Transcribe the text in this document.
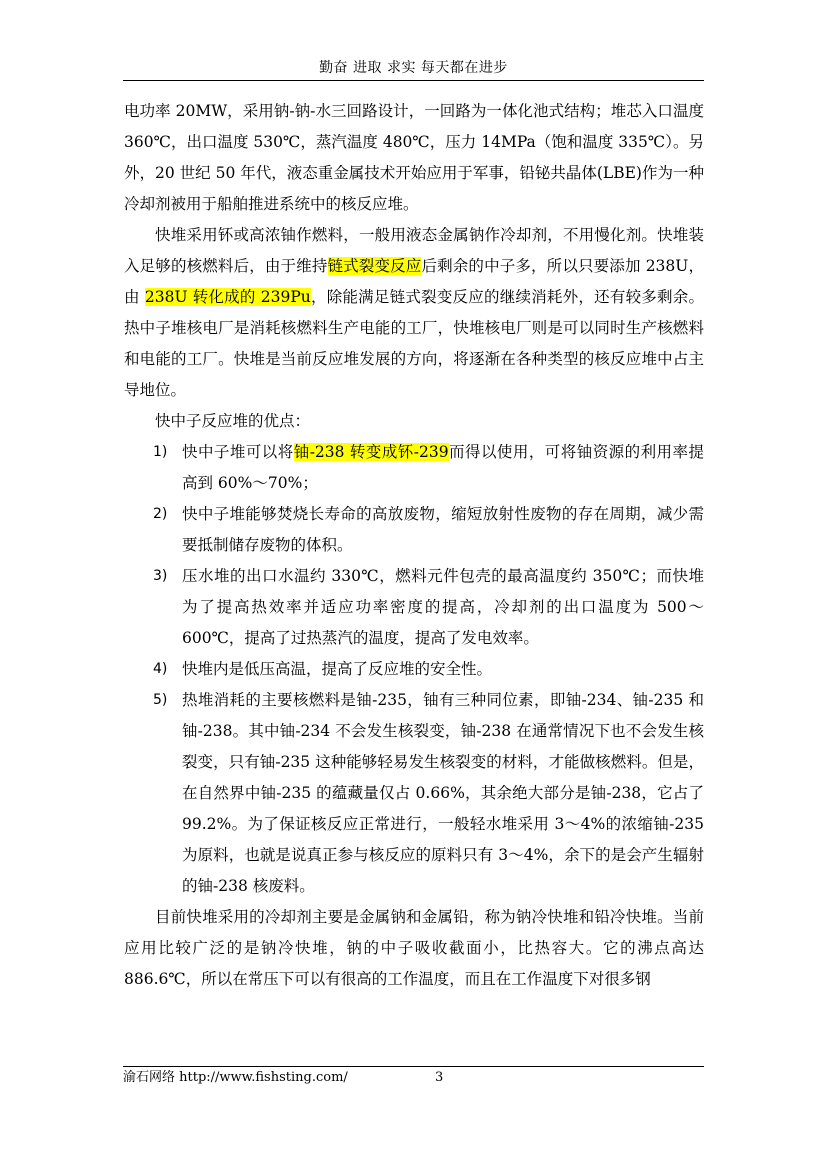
勤奋 进取 求实 每天都在进步

电功率 20MW，采用钠-钠-水三回路设计，一回路为一体化池式结构；堆芯入口温度 360℃，出口温度 530℃，蒸汽温度 480℃，压力 14MPa（饱和温度 335℃）。另外，20 世纪 50 年代，液态重金属技术开始应用于军事，铅铋共晶体(LBE)作为一种冷却剂被用于船舶推进系统中的核反应堆。

快堆采用钚或高浓铀作燃料，一般用液态金属钠作冷却剂，不用慢化剂。快堆装入足够的核燃料后，由于维持链式裂变反应后剩余的中子多，所以只要添加 238U，由 238U 转化成的 239Pu，除能满足链式裂变反应的继续消耗外，还有较多剩余。热中子堆核电厂是消耗核燃料生产电能的工厂，快堆核电厂则是可以同时生产核燃料和电能的工厂。快堆是当前反应堆发展的方向，将逐渐在各种类型的核反应堆中占主导地位。

快中子反应堆的优点：

1) 快中子堆可以将铀-238 转变成钚-239而得以使用，可将铀资源的利用率提高到 60%～70%；
2) 快中子堆能够焚烧长寿命的高放废物，缩短放射性废物的存在周期，减少需要抵制储存废物的体积。
3) 压水堆的出口水温约 330℃，燃料元件包壳的最高温度约 350℃；而快堆为了提高热效率并适应功率密度的提高，冷却剂的出口温度为 500～600℃，提高了过热蒸汽的温度，提高了发电效率。
4) 快堆内是低压高温，提高了反应堆的安全性。
5) 热堆消耗的主要核燃料是铀-235，铀有三种同位素，即铀-234、铀-235 和铀-238。其中铀-234 不会发生核裂变，铀-238 在通常情况下也不会发生核裂变，只有铀-235 这种能够轻易发生核裂变的材料，才能做核燃料。但是，在自然界中铀-235 的蕴藏量仅占 0.66%，其余绝大部分是铀-238，它占了 99.2%。为了保证核反应正常进行，一般轻水堆采用 3～4%的浓缩铀-235 为原料，也就是说真正参与核反应的原料只有 3～4%，余下的是会产生辐射的铀-238 核废料。

目前快堆采用的冷却剂主要是金属钠和金属铅，称为钠冷快堆和铅冷快堆。当前应用比较广泛的是钠冷快堆，钠的中子吸收截面小，比热容大。它的沸点高达 886.6℃，所以在常压下可以有很高的工作温度，而且在工作温度下对很多钢

渝石网络 http://www.fishsting.com/	3
